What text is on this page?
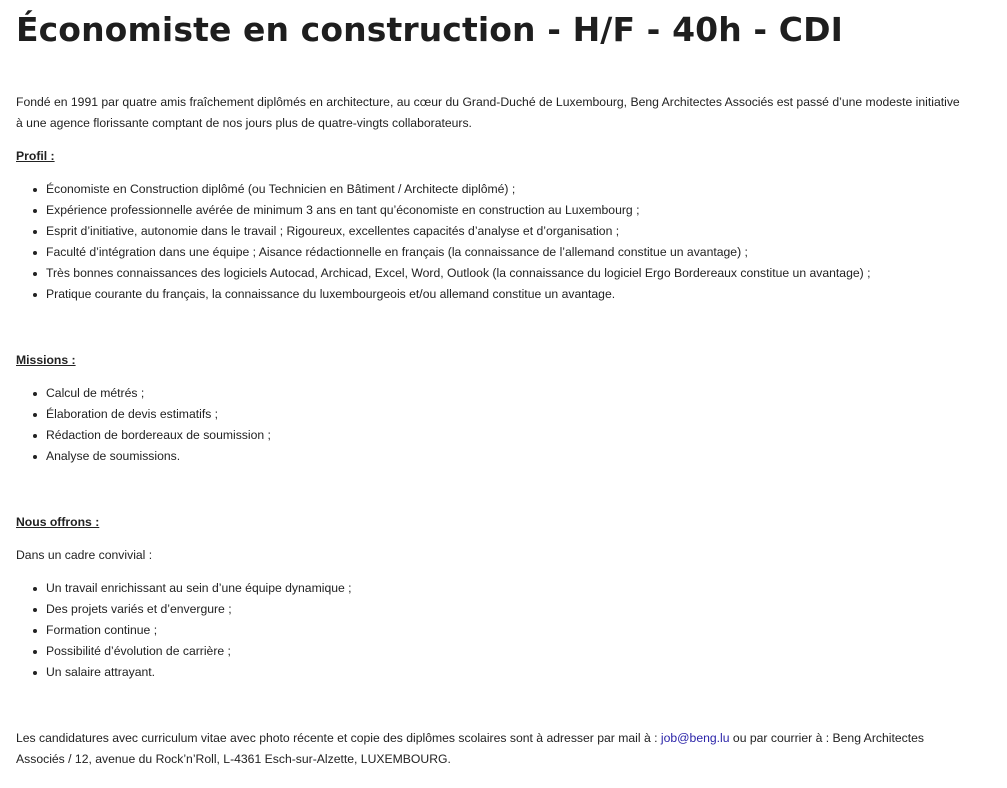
Économiste en construction - H/F - 40h - CDI

Fondé en 1991 par quatre amis fraîchement diplômés en architecture, au cœur du Grand-Duché de Luxembourg, Beng Architectes Associés est passé d’une modeste initiative à une agence florissante comptant de nos jours plus de quatre-vingts collaborateurs.

Profil :

Économiste en Construction diplômé (ou Technicien en Bâtiment / Architecte diplômé) ;
Expérience professionnelle avérée de minimum 3 ans en tant qu’économiste en construction au Luxembourg ;
Esprit d’initiative, autonomie dans le travail ; Rigoureux, excellentes capacités d’analyse et d’organisation ;
Faculté d’intégration dans une équipe ; Aisance rédactionnelle en français (la connaissance de l’allemand constitue un avantage) ;
Très bonnes connaissances des logiciels Autocad, Archicad, Excel, Word, Outlook (la connaissance du logiciel Ergo Bordereaux constitue un avantage) ;
Pratique courante du français, la connaissance du luxembourgeois et/ou allemand constitue un avantage.

Missions :

Calcul de métrés ;
Élaboration de devis estimatifs ;
Rédaction de bordereaux de soumission ;
Analyse de soumissions.

Nous offrons :

Dans un cadre convivial :

Un travail enrichissant au sein d’une équipe dynamique ;
Des projets variés et d’envergure ;
Formation continue ;
Possibilité d’évolution de carrière ;
Un salaire attrayant.

Les candidatures avec curriculum vitae avec photo récente et copie des diplômes scolaires sont à adresser par mail à : job@beng.lu ou par courrier à : Beng Architectes Associés / 12, avenue du Rock’n’Roll, L-4361 Esch-sur-Alzette, LUXEMBOURG.
